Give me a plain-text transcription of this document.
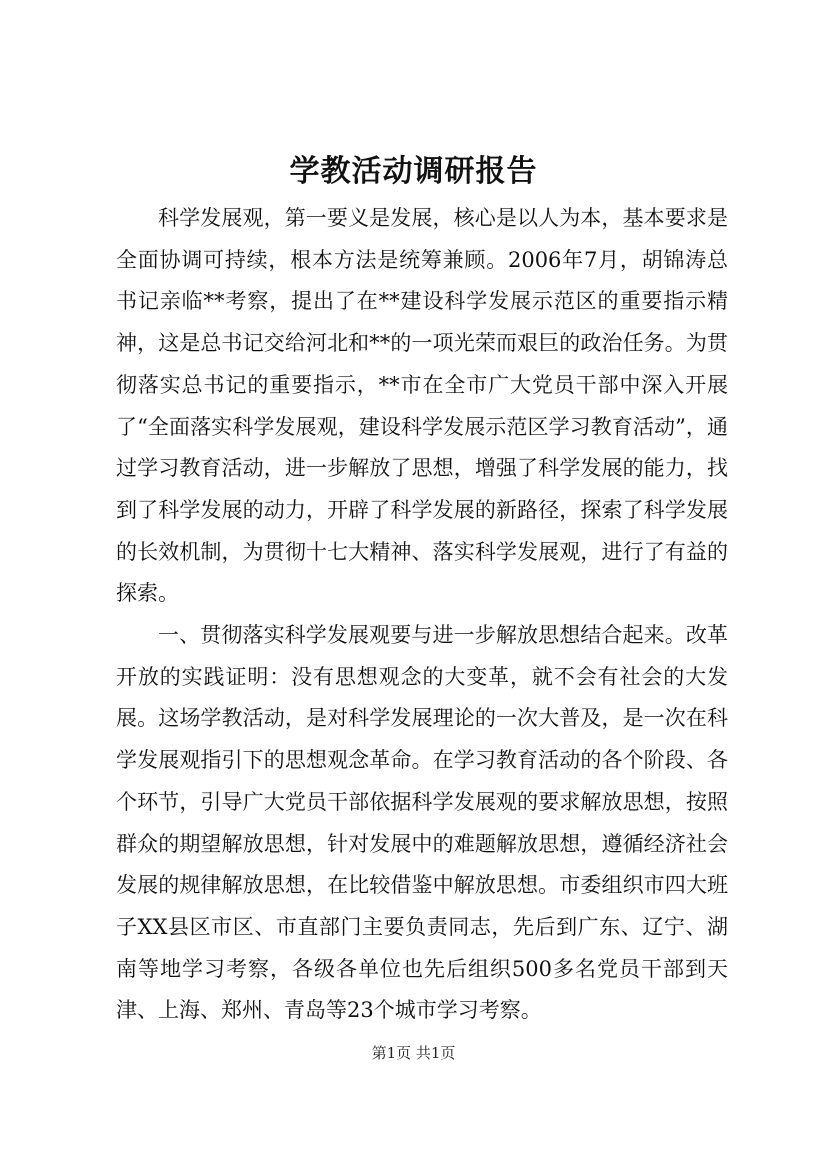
学教活动调研报告

科学发展观，第一要义是发展，核心是以人为本，基本要求是全面协调可持续，根本方法是统筹兼顾。2006年7月，胡锦涛总书记亲临**考察，提出了在**建设科学发展示范区的重要指示精神，这是总书记交给河北和**的一项光荣而艰巨的政治任务。为贯彻落实总书记的重要指示，**市在全市广大党员干部中深入开展了“全面落实科学发展观，建设科学发展示范区学习教育活动”，通过学习教育活动，进一步解放了思想，增强了科学发展的能力，找到了科学发展的动力，开辟了科学发展的新路径，探索了科学发展的长效机制，为贯彻十七大精神、落实科学发展观，进行了有益的探索。

一、贯彻落实科学发展观要与进一步解放思想结合起来。改革开放的实践证明：没有思想观念的大变革，就不会有社会的大发展。这场学教活动，是对科学发展理论的一次大普及，是一次在科学发展观指引下的思想观念革命。在学习教育活动的各个阶段、各个环节，引导广大党员干部依据科学发展观的要求解放思想，按照群众的期望解放思想，针对发展中的难题解放思想，遵循经济社会发展的规律解放思想，在比较借鉴中解放思想。市委组织市四大班子XX县区市区、市直部门主要负责同志，先后到广东、辽宁、湖南等地学习考察，各级各单位也先后组织500多名党员干部到天津、上海、郑州、青岛等23个城市学习考察。

第1页 共1页
